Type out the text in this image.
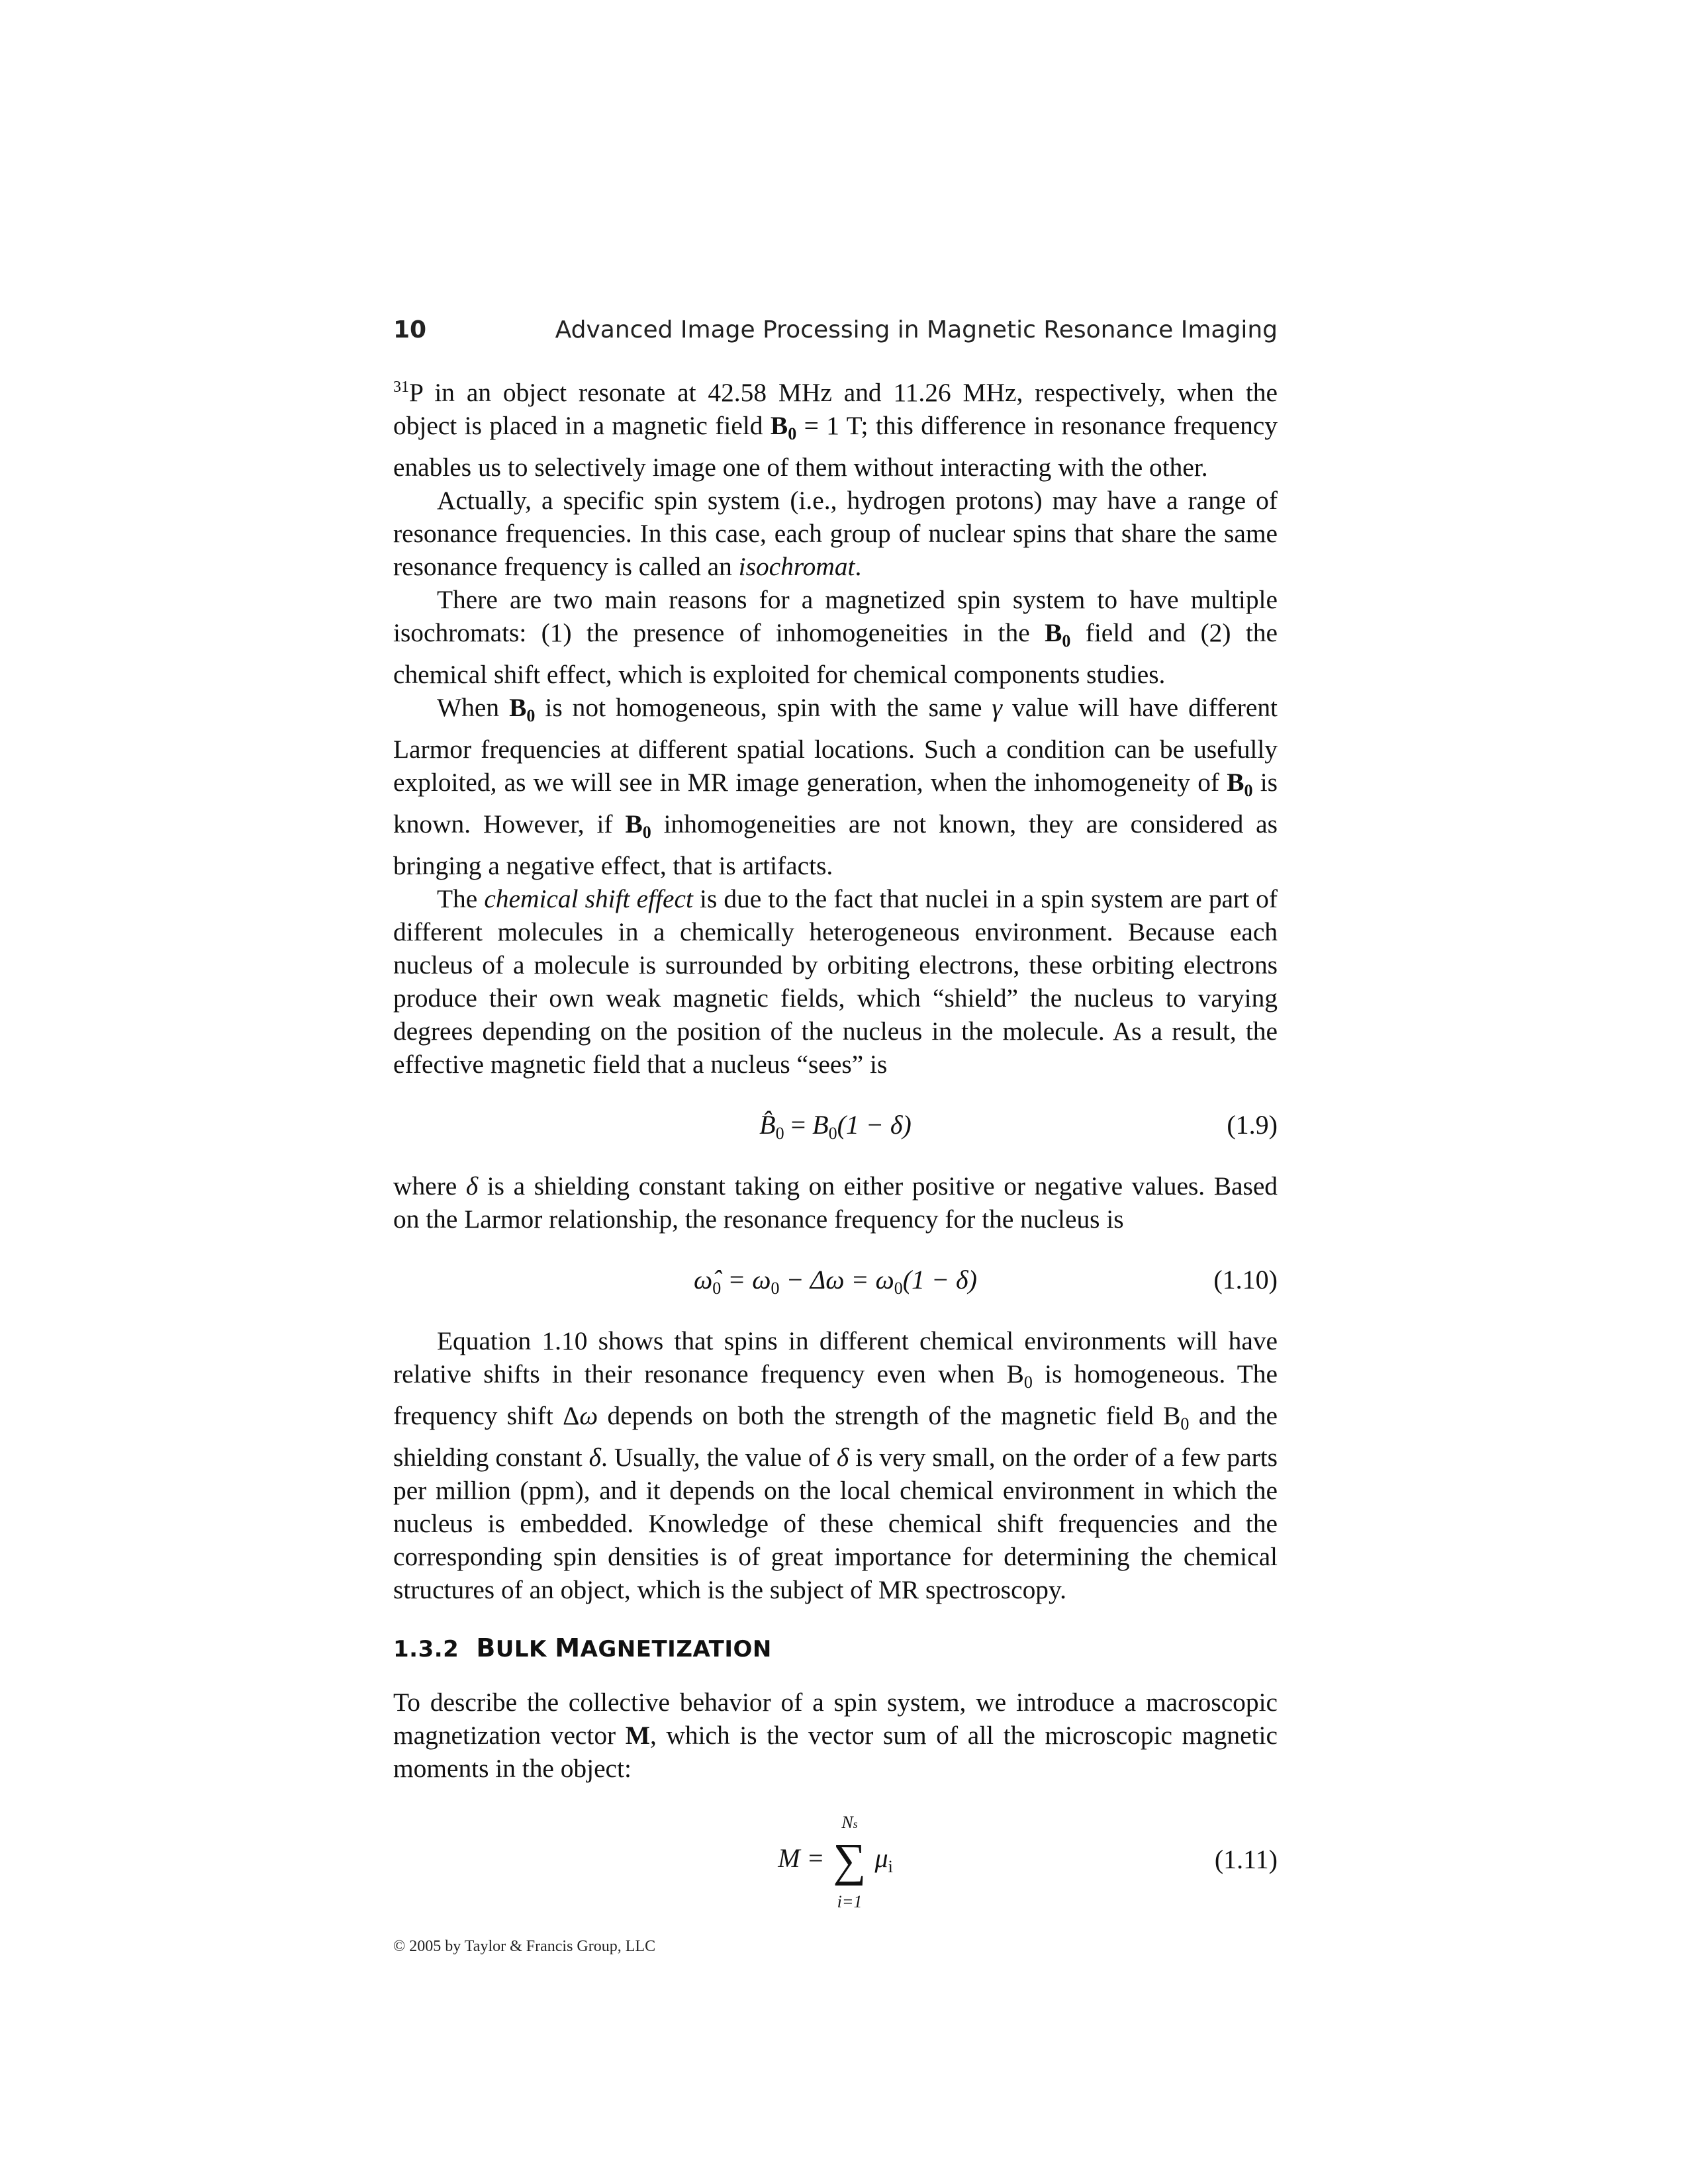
10	Advanced Image Processing in Magnetic Resonance Imaging

$^{31}$P in an object resonate at 42.58 MHz and 11.26 MHz, respectively, when the object is placed in a magnetic field $B_0 = 1$ T; this difference in resonance frequency enables us to selectively image one of them without interacting with the other.

Actually, a specific spin system (i.e., hydrogen protons) may have a range of resonance frequencies. In this case, each group of nuclear spins that share the same resonance frequency is called an isochromat.

There are two main reasons for a magnetized spin system to have multiple isochromats: (1) the presence of inhomogeneities in the $B_0$ field and (2) the chemical shift effect, which is exploited for chemical components studies.

When $B_0$ is not homogeneous, spin with the same γ value will have different Larmor frequencies at different spatial locations. Such a condition can be usefully exploited, as we will see in MR image generation, when the inhomogeneity of $B_0$ is known. However, if $B_0$ inhomogeneities are not known, they are considered as bringing a negative effect, that is artifacts.

The chemical shift effect is due to the fact that nuclei in a spin system are part of different molecules in a chemically heterogeneous environment. Because each nucleus of a molecule is surrounded by orbiting electrons, these orbiting electrons produce their own weak magnetic fields, which “shield” the nucleus to varying degrees depending on the position of the nucleus in the molecule. As a result, the effective magnetic field that a nucleus “sees” is

$B̂_0 = B_0(1 - \delta)$	(1.9)

where δ is a shielding constant taking on either positive or negative values. Based on the Larmor relationship, the resonance frequency for the nucleus is

$\omegâ_0 = \omega_0 - \Delta\omega = \omega_0(1 - \delta)$	(1.10)

Equation 1.10 shows that spins in different chemical environments will have relative shifts in their resonance frequency even when $B_0$ is homogeneous. The frequency shift Δω depends on both the strength of the magnetic field $B_0$ and the shielding constant δ. Usually, the value of δ is very small, on the order of a few parts per million (ppm), and it depends on the local chemical environment in which the nucleus is embedded. Knowledge of these chemical shift frequencies and the corresponding spin densities is of great importance for determining the chemical structures of an object, which is the subject of MR spectroscopy.

1.3.2 BULK MAGNETIZATION

To describe the collective behavior of a spin system, we introduce a macroscopic magnetization vector M, which is the vector sum of all the microscopic magnetic moments in the object:

M =
Ns
∑
i=1
$\mu_i$	(1.11)
© 2005 by Taylor & Francis Group, LLC
